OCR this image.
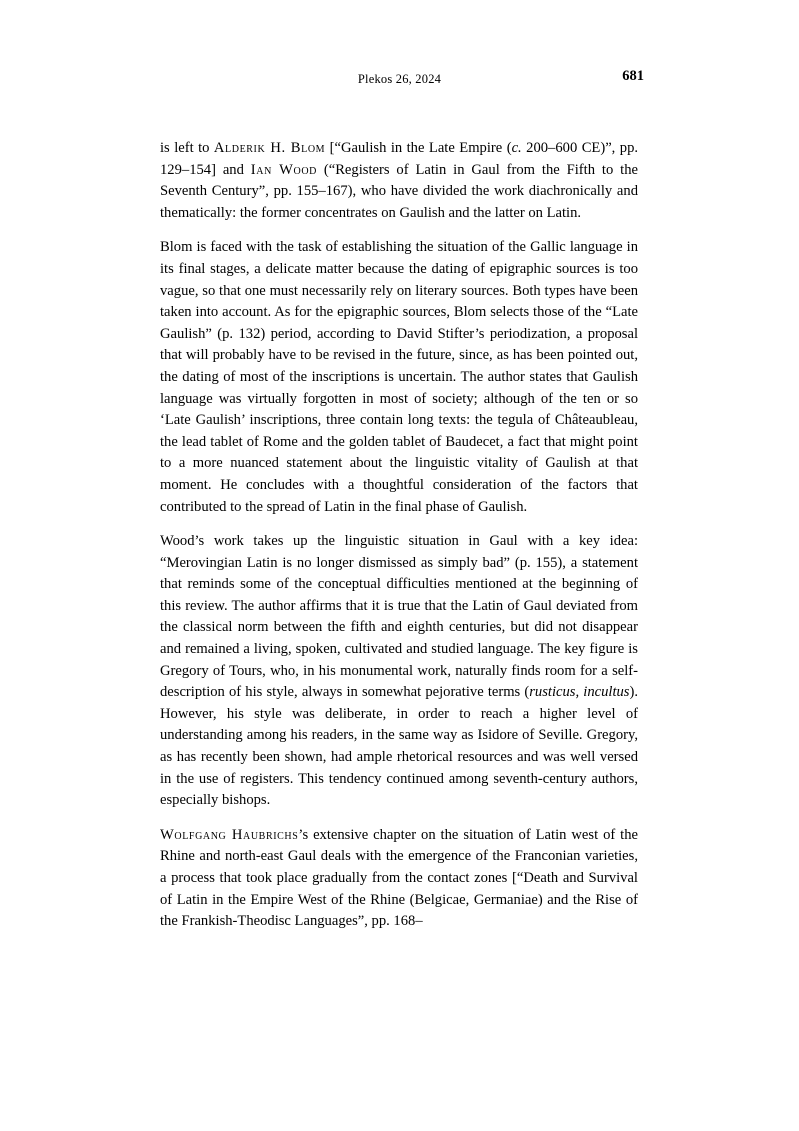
Plekos 26, 2024	681

is left to Alderik H. Blom [“Gaulish in the Late Empire (c. 200–600 CE)”, pp. 129–154] and Ian Wood (“Registers of Latin in Gaul from the Fifth to the Seventh Century”, pp. 155–167), who have divided the work diachronically and thematically: the former concentrates on Gaulish and the latter on Latin.

Blom is faced with the task of establishing the situation of the Gallic language in its final stages, a delicate matter because the dating of epigraphic sources is too vague, so that one must necessarily rely on literary sources. Both types have been taken into account. As for the epigraphic sources, Blom selects those of the “Late Gaulish” (p. 132) period, according to David Stifter’s periodization, a proposal that will probably have to be revised in the future, since, as has been pointed out, the dating of most of the inscriptions is uncertain. The author states that Gaulish language was virtually forgotten in most of society; although of the ten or so ‘Late Gaulish’ inscriptions, three contain long texts: the tegula of Châteaubleau, the lead tablet of Rome and the golden tablet of Baudecet, a fact that might point to a more nuanced statement about the linguistic vitality of Gaulish at that moment. He concludes with a thoughtful consideration of the factors that contributed to the spread of Latin in the final phase of Gaulish.

Wood’s work takes up the linguistic situation in Gaul with a key idea: “Merovingian Latin is no longer dismissed as simply bad” (p. 155), a statement that reminds some of the conceptual difficulties mentioned at the beginning of this review. The author affirms that it is true that the Latin of Gaul deviated from the classical norm between the fifth and eighth centuries, but did not disappear and remained a living, spoken, cultivated and studied language. The key figure is Gregory of Tours, who, in his monumental work, naturally finds room for a self-description of his style, always in somewhat pejorative terms (rusticus, incultus). However, his style was deliberate, in order to reach a higher level of understanding among his readers, in the same way as Isidore of Seville. Gregory, as has recently been shown, had ample rhetorical resources and was well versed in the use of registers. This tendency continued among seventh-century authors, especially bishops.

Wolfgang Haubrichs’s extensive chapter on the situation of Latin west of the Rhine and north-east Gaul deals with the emergence of the Franconian varieties, a process that took place gradually from the contact zones [“Death and Survival of Latin in the Empire West of the Rhine (Belgicae, Germaniae) and the Rise of the Frankish-Theodisc Languages”, pp. 168–
